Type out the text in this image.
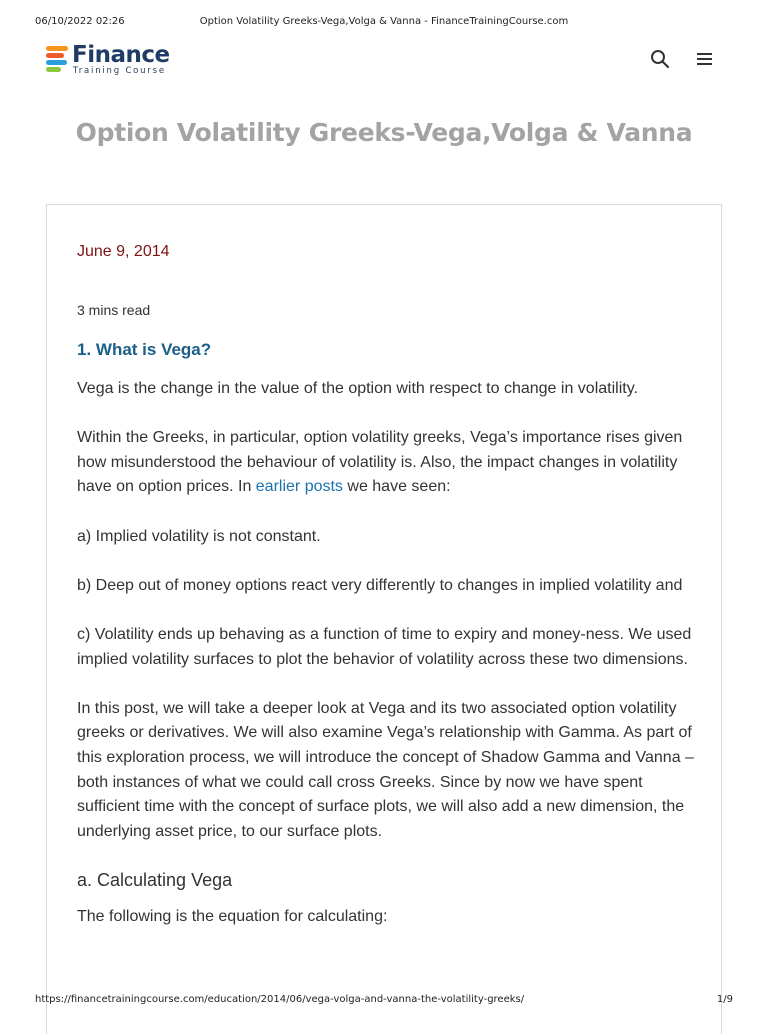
06/10/2022 02:26	Option Volatility Greeks-Vega,Volga & Vanna - FinanceTrainingCourse.com
Finance
Training Course
Option Volatility Greeks-Vega,Volga & Vanna

June 9, 2014

3 mins read

1. What is Vega?

Vega is the change in the value of the option with respect to change in volatility.

Within the Greeks, in particular, option volatility greeks, Vega’s importance rises given how misunderstood the behaviour of volatility is. Also, the impact changes in volatility have on option prices. In earlier posts we have seen:

a) Implied volatility is not constant.

b) Deep out of money options react very differently to changes in implied volatility and

c) Volatility ends up behaving as a function of time to expiry and money-ness. We used implied volatility surfaces to plot the behavior of volatility across these two dimensions.

In this post, we will take a deeper look at Vega and its two associated option volatility greeks or derivatives. We will also examine Vega’s relationship with Gamma. As part of this exploration process, we will introduce the concept of Shadow Gamma and Vanna – both instances of what we could call cross Greeks. Since by now we have spent sufficient time with the concept of surface plots, we will also add a new dimension, the underlying asset price, to our surface plots.

a. Calculating Vega

The following is the equation for calculating:

https://financetrainingcourse.com/education/2014/06/vega-volga-and-vanna-the-volatility-greeks/	1/9
